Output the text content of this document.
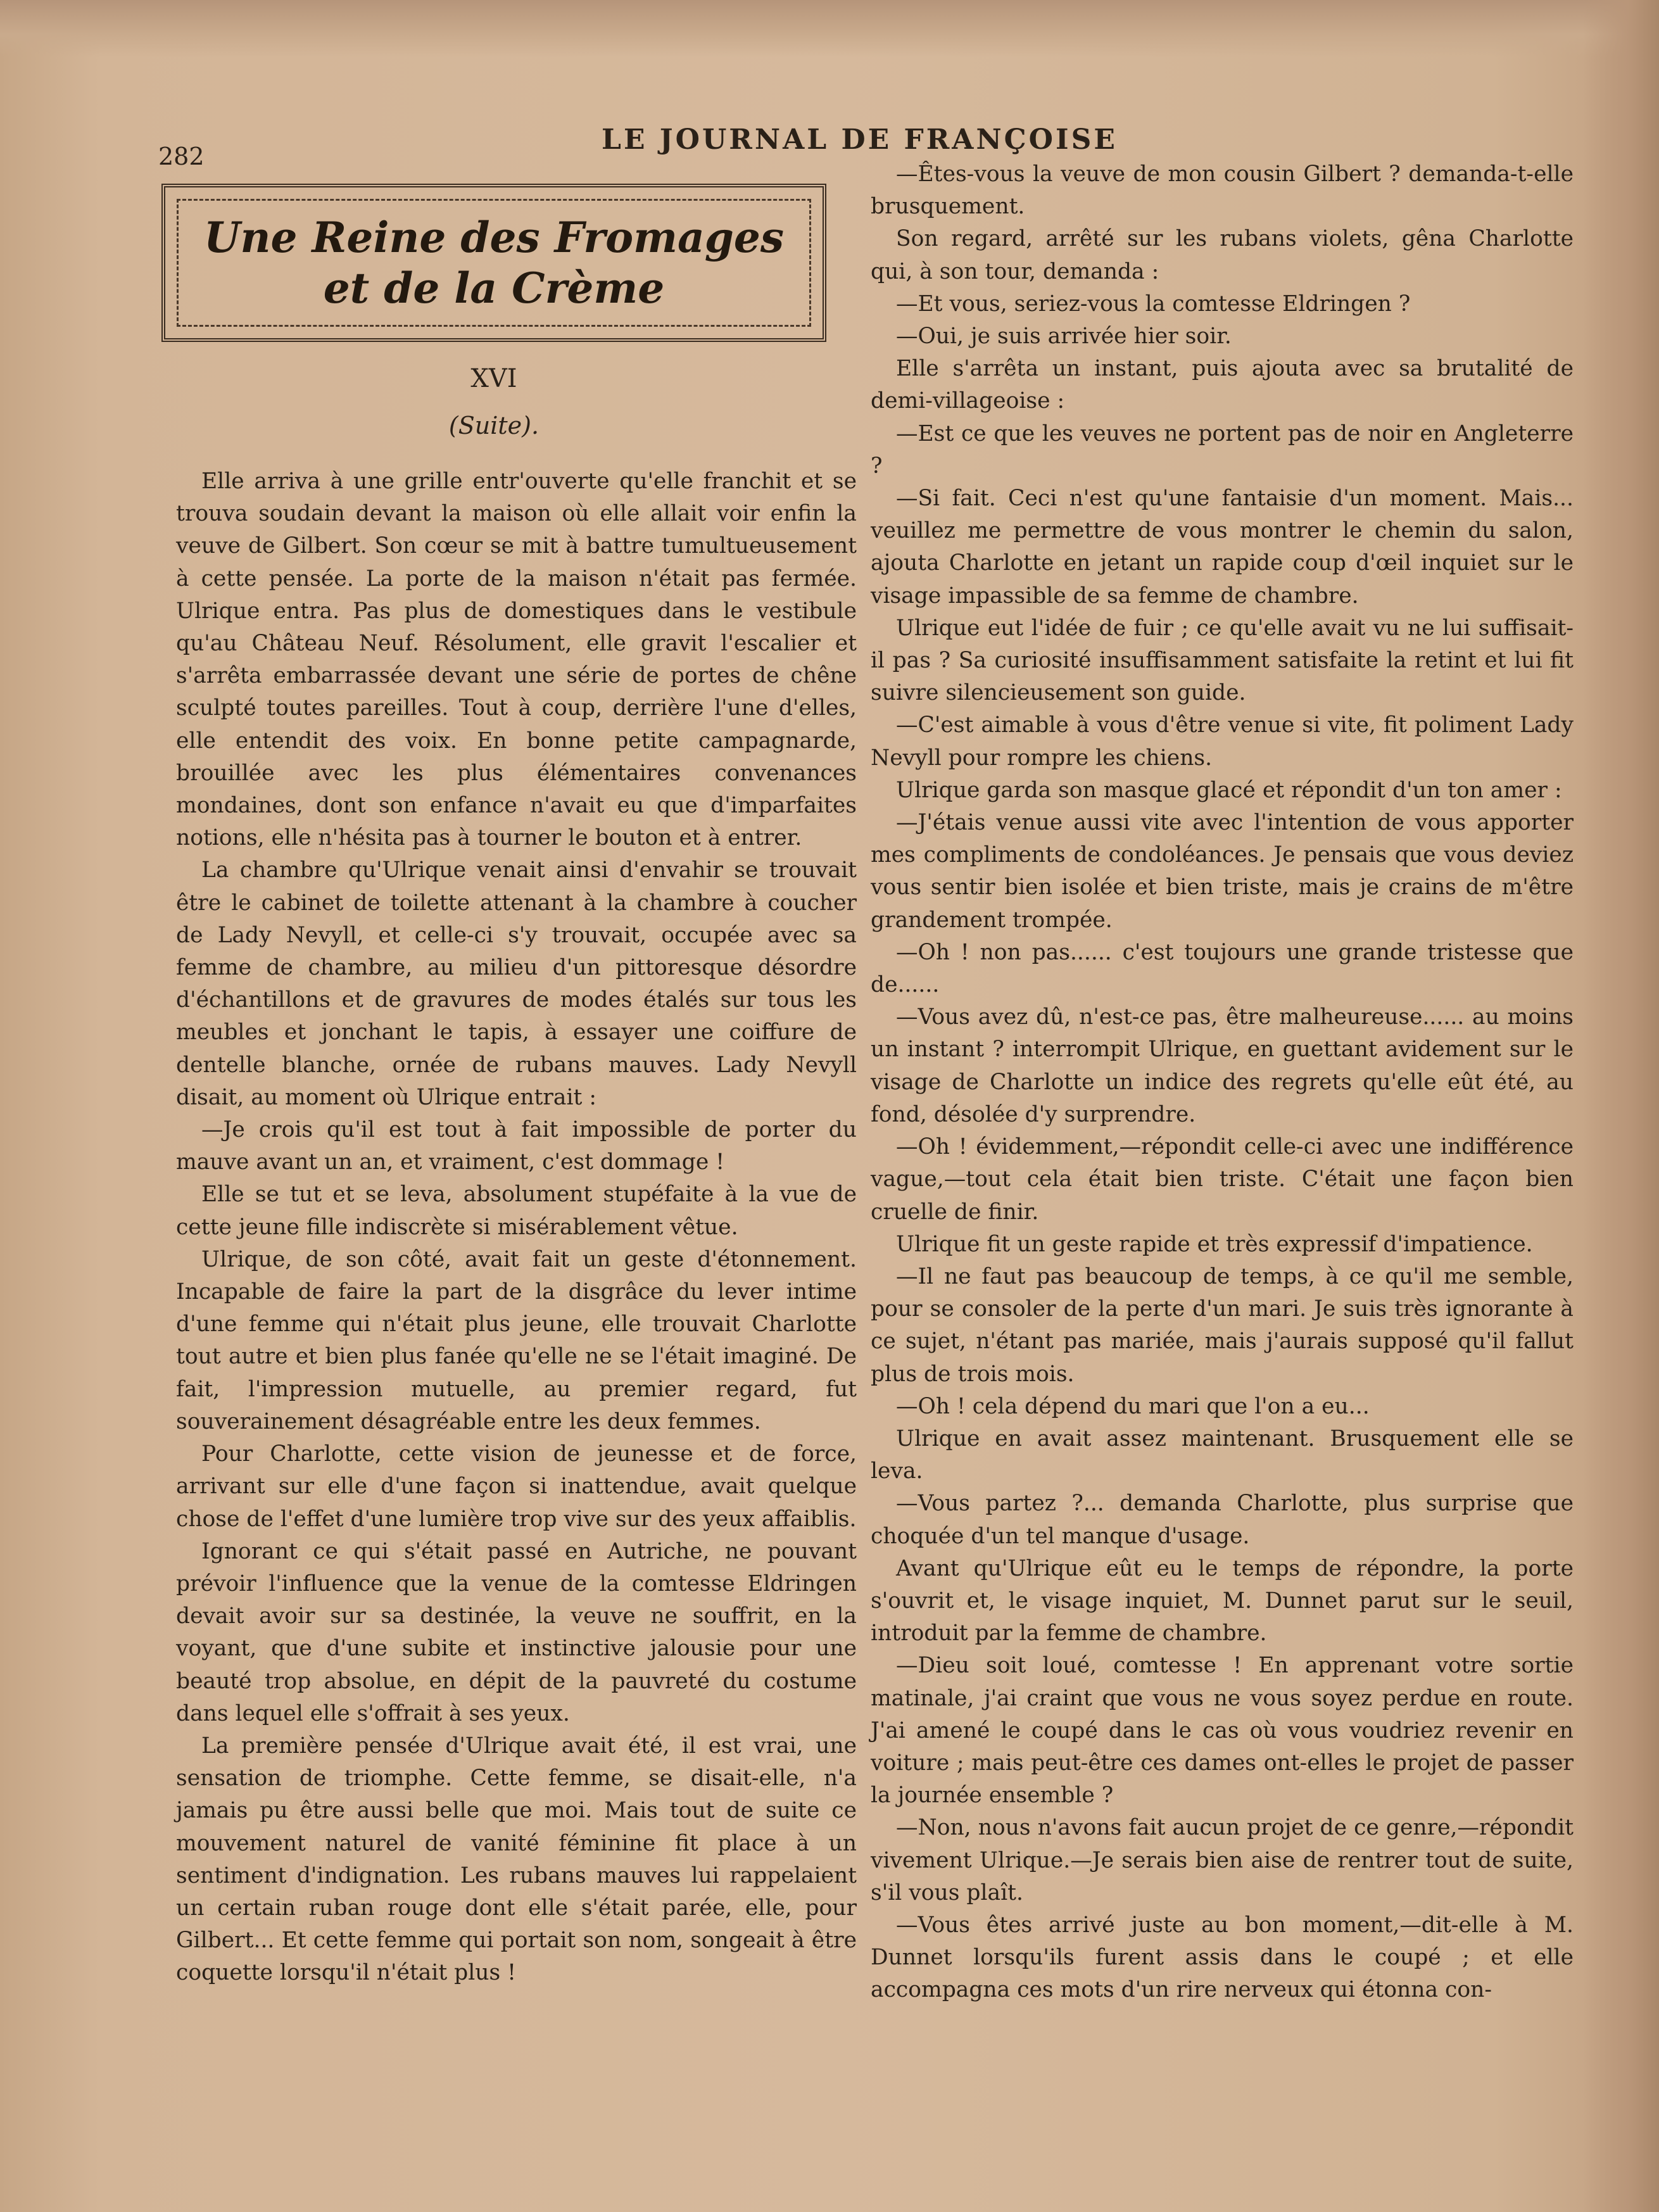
282
LE JOURNAL DE FRANÇOISE
Une Reine des Fromages
et de la Crème
XVI
(Suite).

Elle arriva à une grille entr'ouverte qu'elle franchit et se trouva soudain devant la maison où elle allait voir enfin la veuve de Gilbert. Son cœur se mit à battre tumultueusement à cette pensée. La porte de la maison n'était pas fermée. Ulrique entra. Pas plus de domestiques dans le vestibule qu'au Château Neuf. Résolument, elle gravit l'escalier et s'arrêta embarrassée devant une série de portes de chêne sculpté toutes pareilles. Tout à coup, derrière l'une d'elles, elle entendit des voix. En bonne petite campagnarde, brouillée avec les plus élémentaires convenances mondaines, dont son enfance n'avait eu que d'imparfaites notions, elle n'hésita pas à tourner le bouton et à entrer.

La chambre qu'Ulrique venait ainsi d'envahir se trouvait être le cabinet de toilette attenant à la chambre à coucher de Lady Nevyll, et celle-ci s'y trouvait, occupée avec sa femme de chambre, au milieu d'un pittoresque désordre d'échantillons et de gravures de modes étalés sur tous les meubles et jonchant le tapis, à essayer une coiffure de dentelle blanche, ornée de rubans mauves. Lady Nevyll disait, au moment où Ulrique entrait :

—Je crois qu'il est tout à fait impossible de porter du mauve avant un an, et vraiment, c'est dommage !

Elle se tut et se leva, absolument stupéfaite à la vue de cette jeune fille indiscrète si misérablement vêtue.

Ulrique, de son côté, avait fait un geste d'étonnement. Incapable de faire la part de la disgrâce du lever intime d'une femme qui n'était plus jeune, elle trouvait Charlotte tout autre et bien plus fanée qu'elle ne se l'était imaginé. De fait, l'impression mutuelle, au premier regard, fut souverainement désagréable entre les deux femmes.

Pour Charlotte, cette vision de jeunesse et de force, arrivant sur elle d'une façon si inattendue, avait quelque chose de l'effet d'une lumière trop vive sur des yeux affaiblis.

Ignorant ce qui s'était passé en Autriche, ne pouvant prévoir l'influence que la venue de la comtesse Eldringen devait avoir sur sa destinée, la veuve ne souffrit, en la voyant, que d'une subite et instinctive jalousie pour une beauté trop absolue, en dépit de la pauvreté du costume dans lequel elle s'offrait à ses yeux.

La première pensée d'Ulrique avait été, il est vrai, une sensation de triomphe. Cette femme, se disait-elle, n'a jamais pu être aussi belle que moi. Mais tout de suite ce mouvement naturel de vanité féminine fit place à un sentiment d'indignation. Les rubans mauves lui rappelaient un certain ruban rouge dont elle s'était parée, elle, pour Gilbert... Et cette femme qui portait son nom, songeait à être coquette lorsqu'il n'était plus !

—Êtes-vous la veuve de mon cousin Gilbert ? demanda-t-elle brusquement.

Son regard, arrêté sur les rubans violets, gêna Charlotte qui, à son tour, demanda :

—Et vous, seriez-vous la comtesse Eldringen ?

—Oui, je suis arrivée hier soir.

Elle s'arrêta un instant, puis ajouta avec sa brutalité de demi-villageoise :

—Est ce que les veuves ne portent pas de noir en Angleterre ?

—Si fait. Ceci n'est qu'une fantaisie d'un moment. Mais... veuillez me permettre de vous montrer le chemin du salon, ajouta Charlotte en jetant un rapide coup d'œil inquiet sur le visage impassible de sa femme de chambre.

Ulrique eut l'idée de fuir ; ce qu'elle avait vu ne lui suffisait-il pas ? Sa curiosité insuffisamment satisfaite la retint et lui fit suivre silencieusement son guide.

—C'est aimable à vous d'être venue si vite, fit poliment Lady Nevyll pour rompre les chiens.

Ulrique garda son masque glacé et répondit d'un ton amer :

—J'étais venue aussi vite avec l'intention de vous apporter mes compliments de condoléances. Je pensais que vous deviez vous sentir bien isolée et bien triste, mais je crains de m'être grandement trompée.

—Oh ! non pas...... c'est toujours une grande tristesse que de......

—Vous avez dû, n'est-ce pas, être malheureuse...... au moins un instant ? interrompit Ulrique, en guettant avidement sur le visage de Charlotte un indice des regrets qu'elle eût été, au fond, désolée d'y surprendre.

—Oh ! évidemment,—répondit celle-ci avec une indifférence vague,—tout cela était bien triste. C'était une façon bien cruelle de finir.

Ulrique fit un geste rapide et très expressif d'impatience.

—Il ne faut pas beaucoup de temps, à ce qu'il me semble, pour se consoler de la perte d'un mari. Je suis très ignorante à ce sujet, n'étant pas mariée, mais j'aurais supposé qu'il fallut plus de trois mois.

—Oh ! cela dépend du mari que l'on a eu...

Ulrique en avait assez maintenant. Brusquement elle se leva.

—Vous partez ?... demanda Charlotte, plus surprise que choquée d'un tel manque d'usage.

Avant qu'Ulrique eût eu le temps de répondre, la porte s'ouvrit et, le visage inquiet, M. Dunnet parut sur le seuil, introduit par la femme de chambre.

—Dieu soit loué, comtesse ! En apprenant votre sortie matinale, j'ai craint que vous ne vous soyez perdue en route. J'ai amené le coupé dans le cas où vous voudriez revenir en voiture ; mais peut-être ces dames ont-elles le projet de passer la journée ensemble ?

—Non, nous n'avons fait aucun projet de ce genre,—répondit vivement Ulrique.—Je serais bien aise de rentrer tout de suite, s'il vous plaît.

—Vous êtes arrivé juste au bon moment,—dit-elle à M. Dunnet lorsqu'ils furent assis dans le coupé ; et elle accompagna ces mots d'un rire nerveux qui étonna con-
